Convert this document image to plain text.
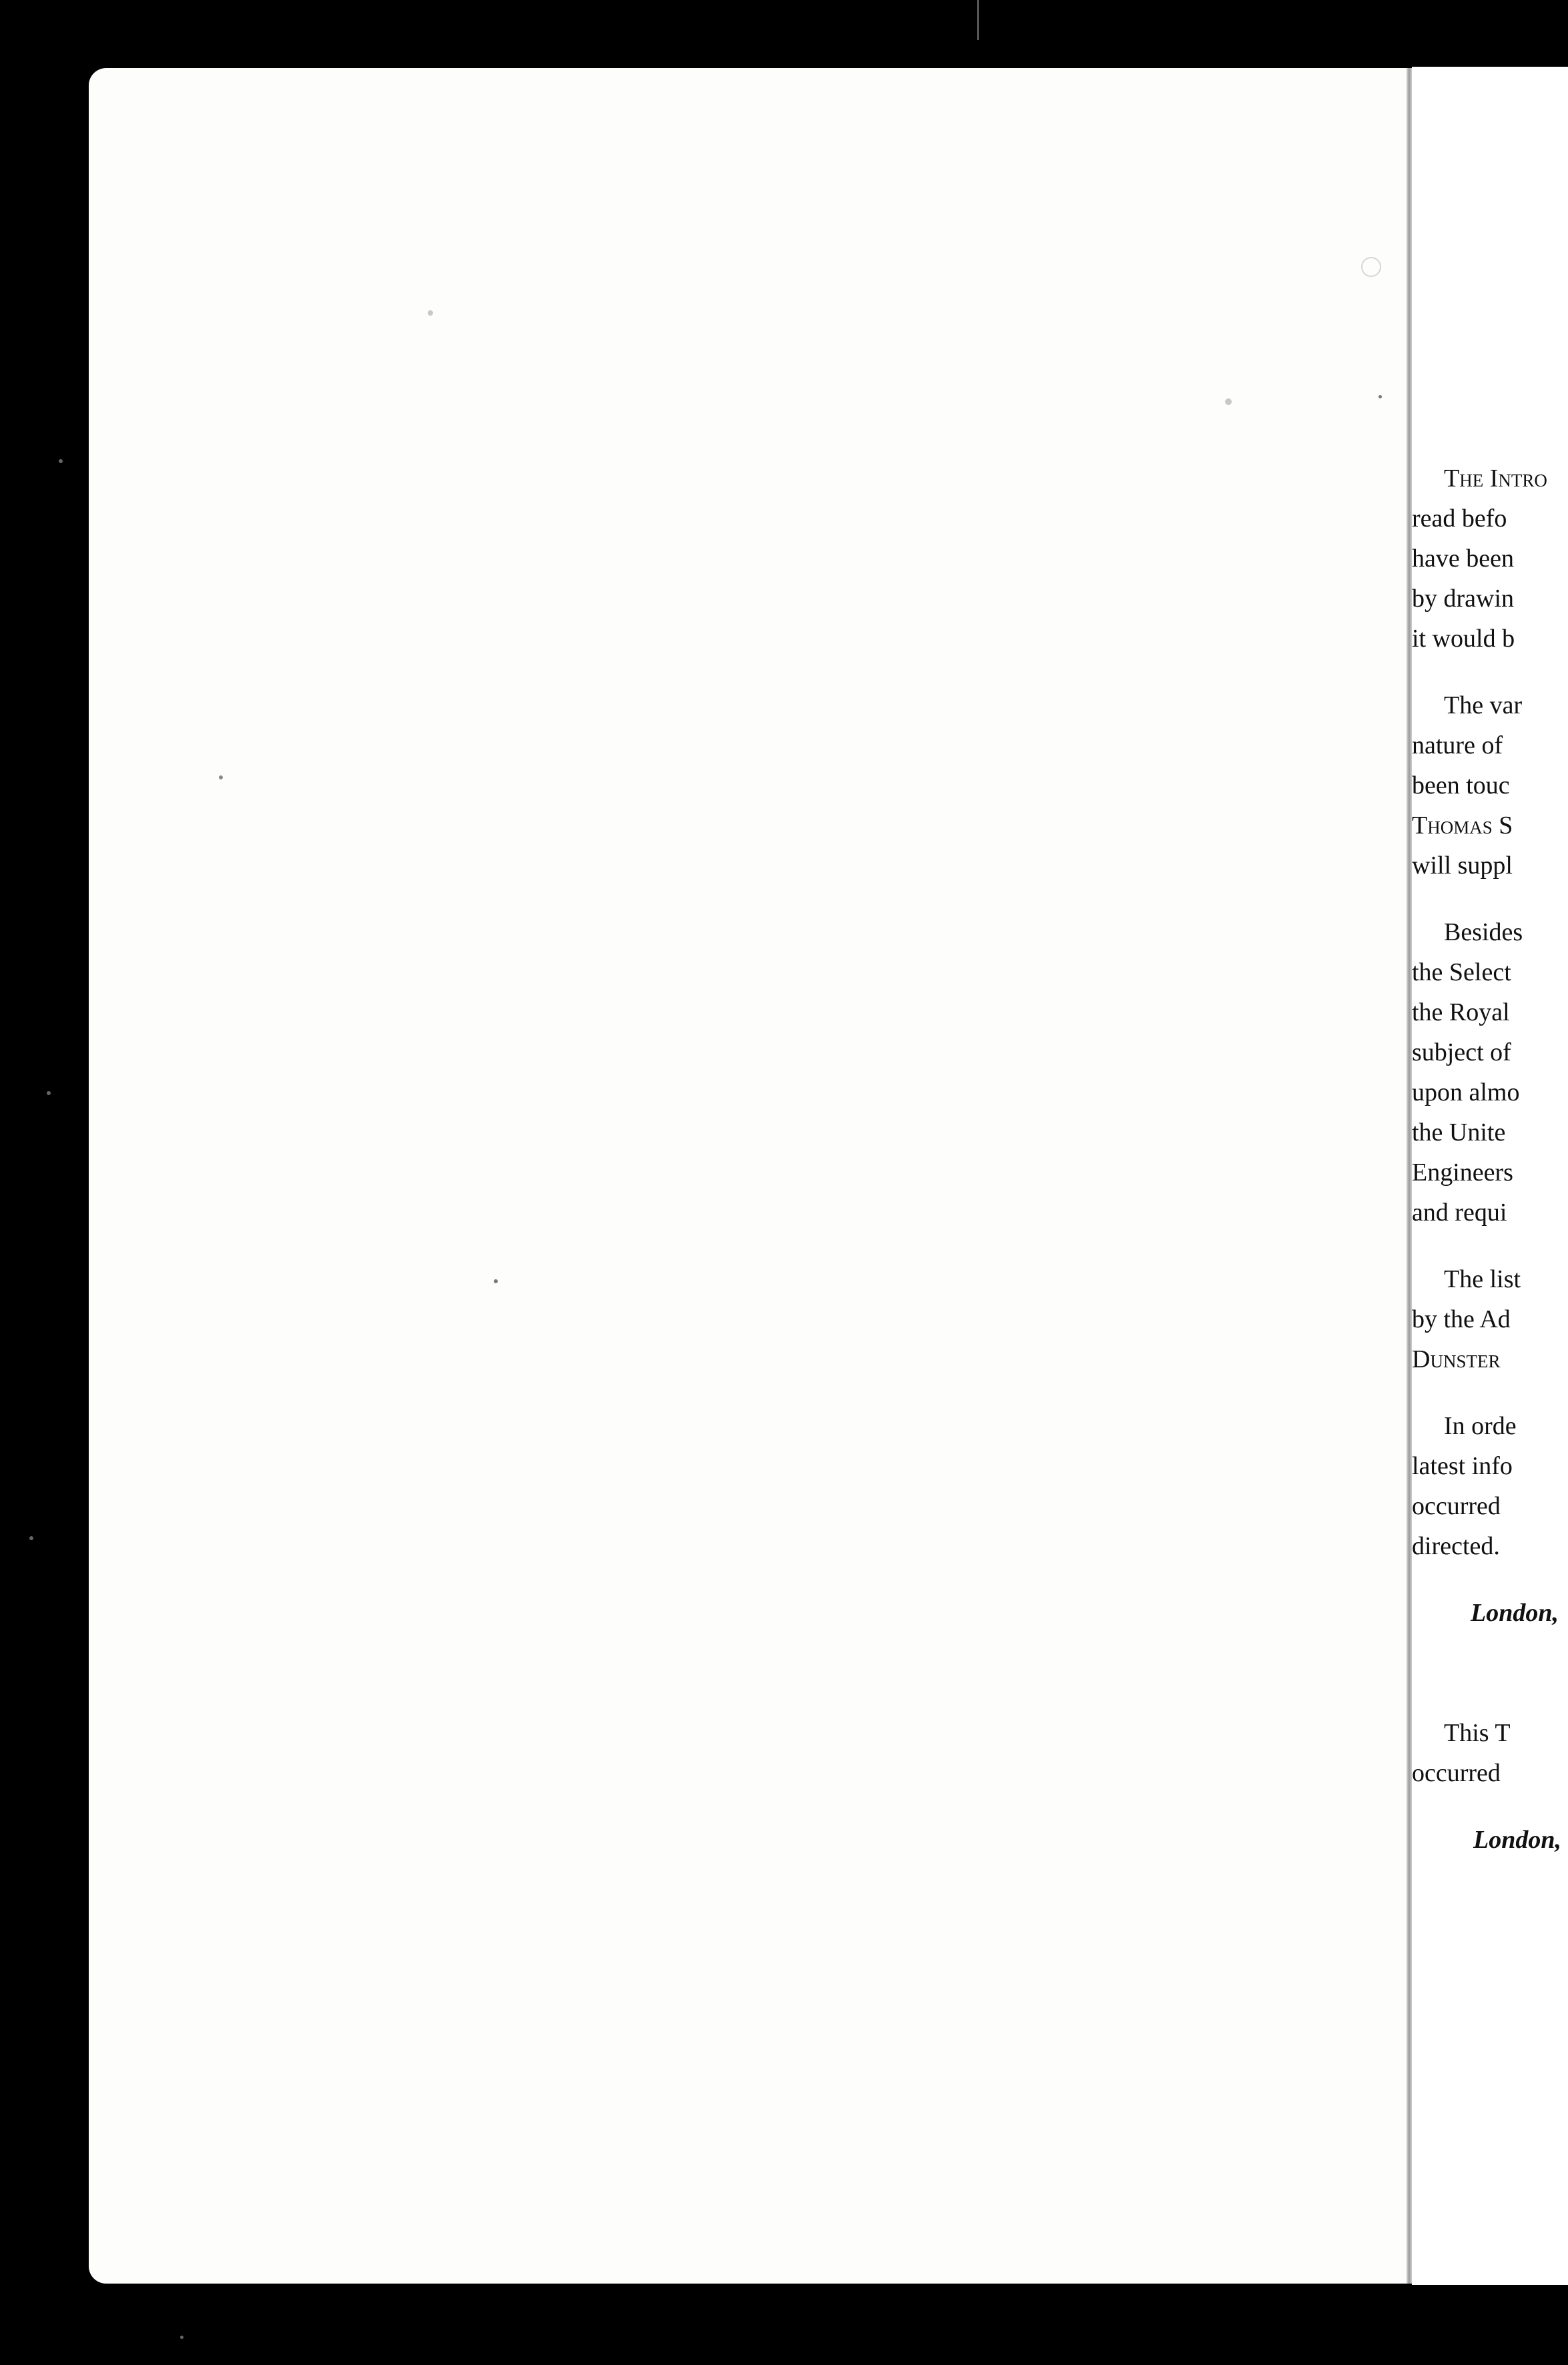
The Intro
read befo
have been
by drawin
it would b
The var
nature of
been touc
Thomas S
will suppl
Besides
the Select
the Royal
subject of
upon almo
the Unite
Engineers
and requi
The list
by the Ad
Dunster
In orde
latest info
occurred
directed.
London,
This T
occurred
London,
